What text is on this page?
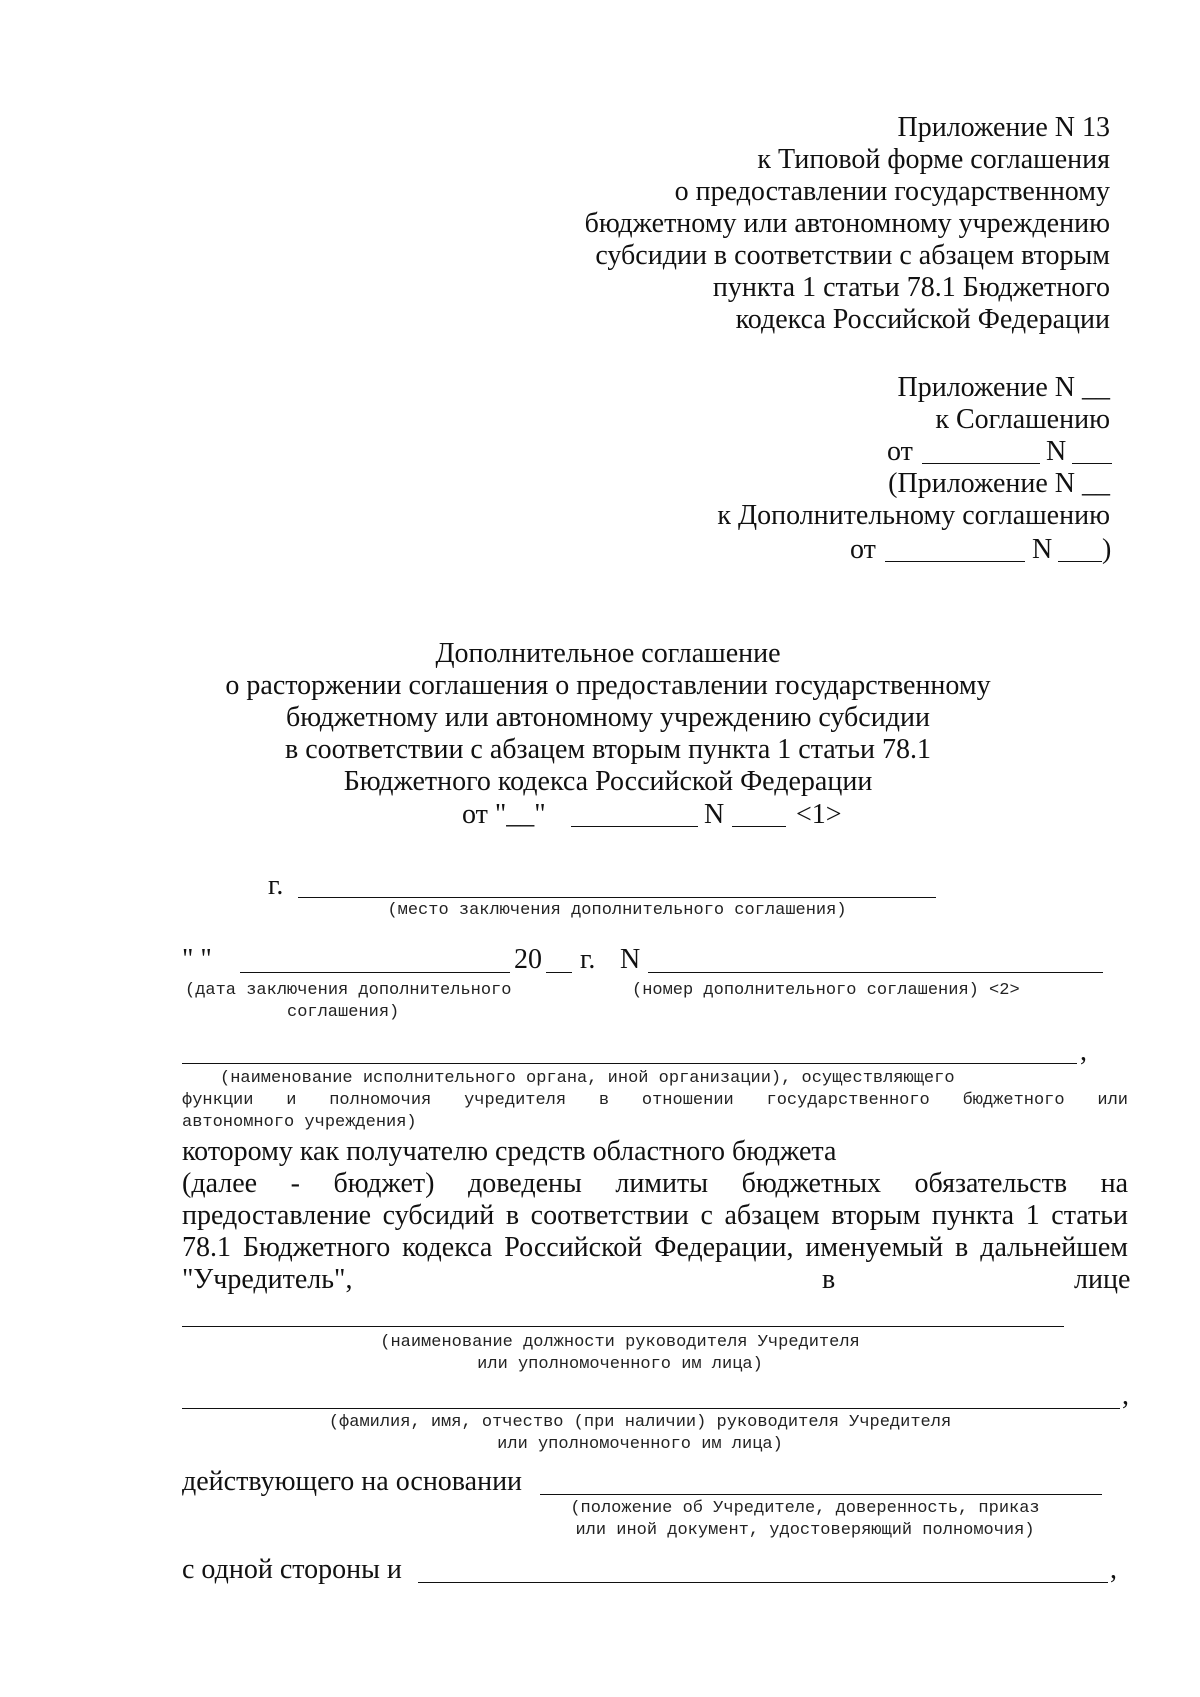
Приложение N 13
к Типовой форме соглашения
о предоставлении государственному
бюджетному или автономному учреждению
субсидии в соответствии с абзацем вторым
пункта 1 статьи 78.1 Бюджетного
кодекса Российской Федерации
Приложение N __
к Соглашению
от	N
(Приложение N __
к Дополнительному соглашению
от	N )
Дополнительное соглашение
о расторжении соглашения о предоставлении государственному
бюджетному или автономному учреждению субсидии
в соответствии с абзацем вторым пункта 1 статьи 78.1
Бюджетного кодекса Российской Федерации
от "__"	N	<1>
г.
(место заключения дополнительного соглашения)
" "	20 г. N
(дата заключения дополнительного
соглашения)
(номер дополнительного соглашения) <2>
,
(наименование исполнительного органа, иной организации), осуществляющего
функции и полномочия учредителя в отношении государственного бюджетного или
автономного учреждения)
которому как получателю средств областного бюджета
(далее - бюджет) доведены лимиты бюджетных обязательств на
предоставление субсидий в соответствии с абзацем вторым пункта 1 статьи
78.1 Бюджетного кодекса Российской Федерации, именуемый в дальнейшем
"Учредитель",	в	лице
(наименование должности руководителя Учредителя
или уполномоченного им лица)
,
(фамилия, имя, отчество (при наличии) руководителя Учредителя
или уполномоченного им лица)
действующего на основании
(положение об Учредителе, доверенность, приказ
или иной документ, удостоверяющий полномочия)
с одной стороны и	,
